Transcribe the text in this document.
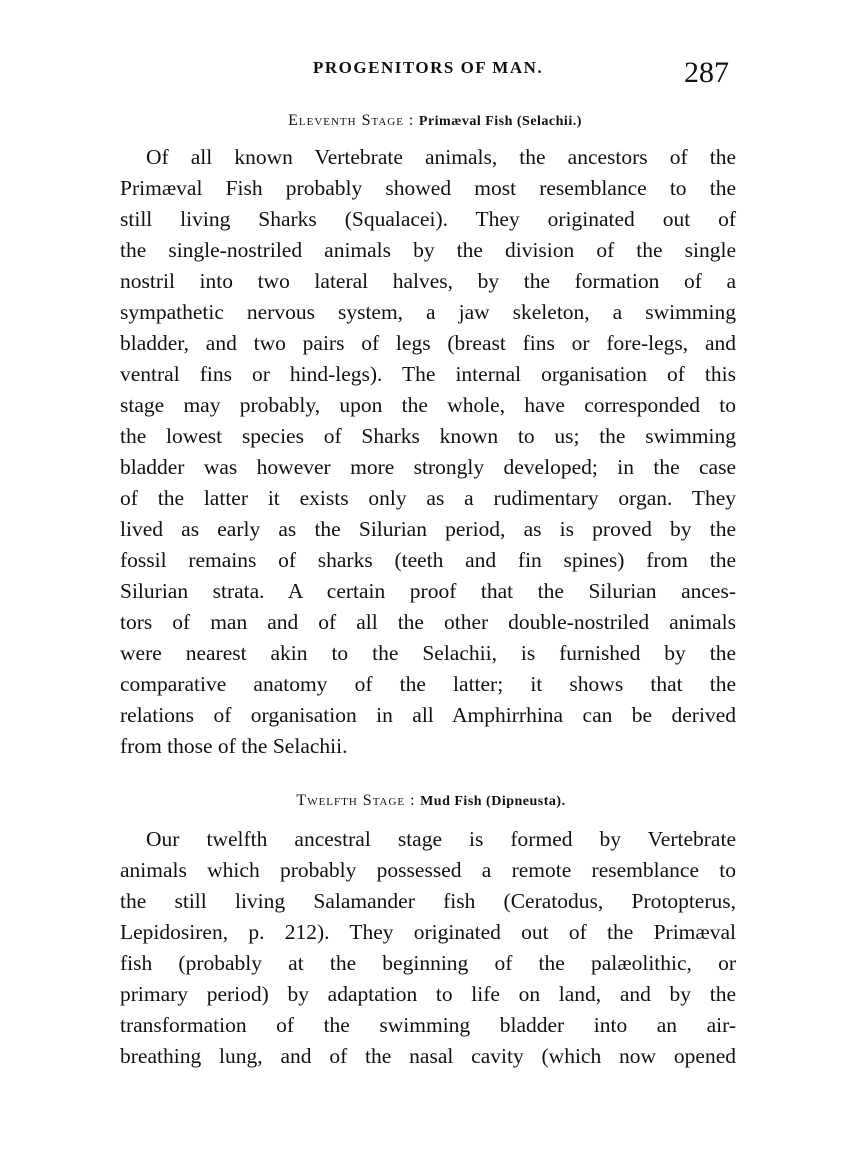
PROGENITORS OF MAN.	287
Eleventh Stage : Primæval Fish (Selachii.)
Of all known Vertebrate animals, the ancestors of the
Primæval Fish probably showed most resemblance to the
still living Sharks (Squalacei). They originated out of
the single-nostriled animals by the division of the single
nostril into two lateral halves, by the formation of a
sympathetic nervous system, a jaw skeleton, a swimming
bladder, and two pairs of legs (breast fins or fore-legs, and
ventral fins or hind-legs). The internal organisation of this
stage may probably, upon the whole, have corresponded to
the lowest species of Sharks known to us; the swimming
bladder was however more strongly developed; in the case
of the latter it exists only as a rudimentary organ. They
lived as early as the Silurian period, as is proved by the
fossil remains of sharks (teeth and fin spines) from the
Silurian strata. A certain proof that the Silurian ances-
tors of man and of all the other double-nostriled animals
were nearest akin to the Selachii, is furnished by the
comparative anatomy of the latter; it shows that the
relations of organisation in all Amphirrhina can be derived
from those of the Selachii.
Twelfth Stage : Mud Fish (Dipneusta).
Our twelfth ancestral stage is formed by Vertebrate
animals which probably possessed a remote resemblance to
the still living Salamander fish (Ceratodus, Protopterus,
Lepidosiren, p. 212). They originated out of the Primæval
fish (probably at the beginning of the palæolithic, or
primary period) by adaptation to life on land, and by the
transformation of the swimming bladder into an air-
breathing lung, and of the nasal cavity (which now opened
